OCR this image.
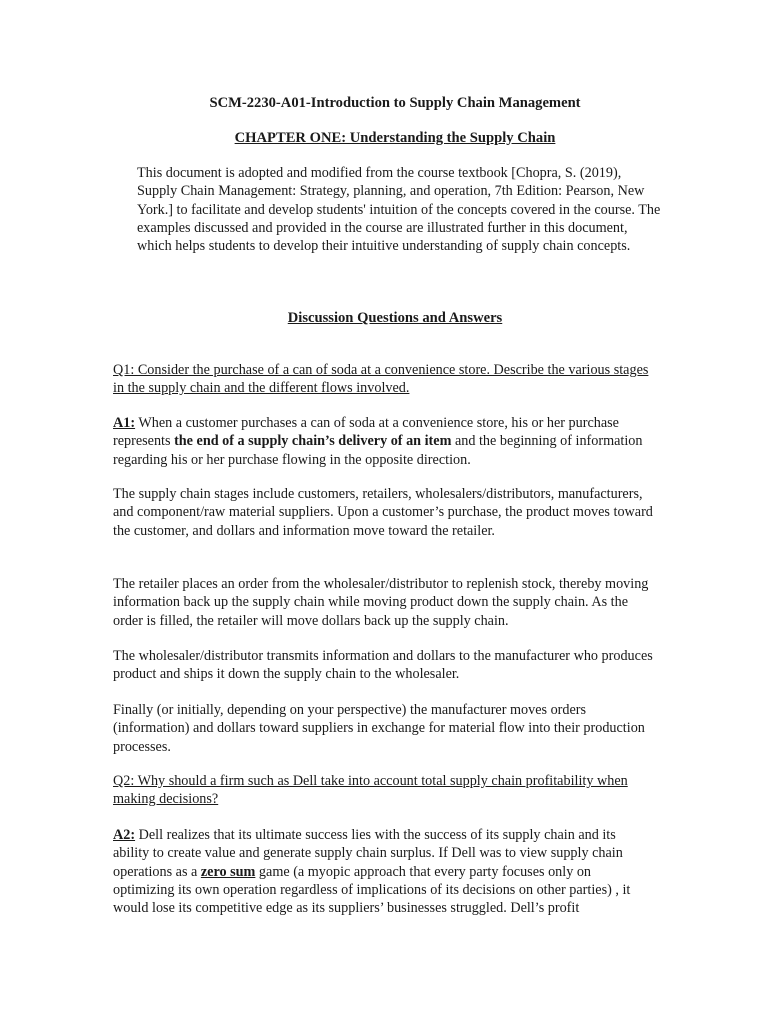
SCM-2230-A01-Introduction to Supply Chain Management
CHAPTER ONE: Understanding the Supply Chain

This document is adopted and modified from the course textbook [Chopra, S. (2019), Supply Chain Management: Strategy, planning, and operation, 7th Edition: Pearson, New York.] to facilitate and develop students' intuition of the concepts covered in the course. The examples discussed and provided in the course are illustrated further in this document, which helps students to develop their intuitive understanding of supply chain concepts.

Discussion Questions and Answers

Q1: Consider the purchase of a can of soda at a convenience store. Describe the various stages in the supply chain and the different flows involved.

A1: When a customer purchases a can of soda at a convenience store, his or her purchase represents the end of a supply chain’s delivery of an item and the beginning of information regarding his or her purchase flowing in the opposite direction.

The supply chain stages include customers, retailers, wholesalers/distributors, manufacturers, and component/raw material suppliers. Upon a customer’s purchase, the product moves toward the customer, and dollars and information move toward the retailer.

The retailer places an order from the wholesaler/distributor to replenish stock, thereby moving information back up the supply chain while moving product down the supply chain. As the order is filled, the retailer will move dollars back up the supply chain.

The wholesaler/distributor transmits information and dollars to the manufacturer who produces product and ships it down the supply chain to the wholesaler.

Finally (or initially, depending on your perspective) the manufacturer moves orders (information) and dollars toward suppliers in exchange for material flow into their production processes.

Q2: Why should a firm such as Dell take into account total supply chain profitability when making decisions?

A2: Dell realizes that its ultimate success lies with the success of its supply chain and its ability to create value and generate supply chain surplus. If Dell was to view supply chain operations as a zero sum game (a myopic approach that every party focuses only on optimizing its own operation regardless of implications of its decisions on other parties) , it would lose its competitive edge as its suppliers’ businesses struggled. Dell’s profit
